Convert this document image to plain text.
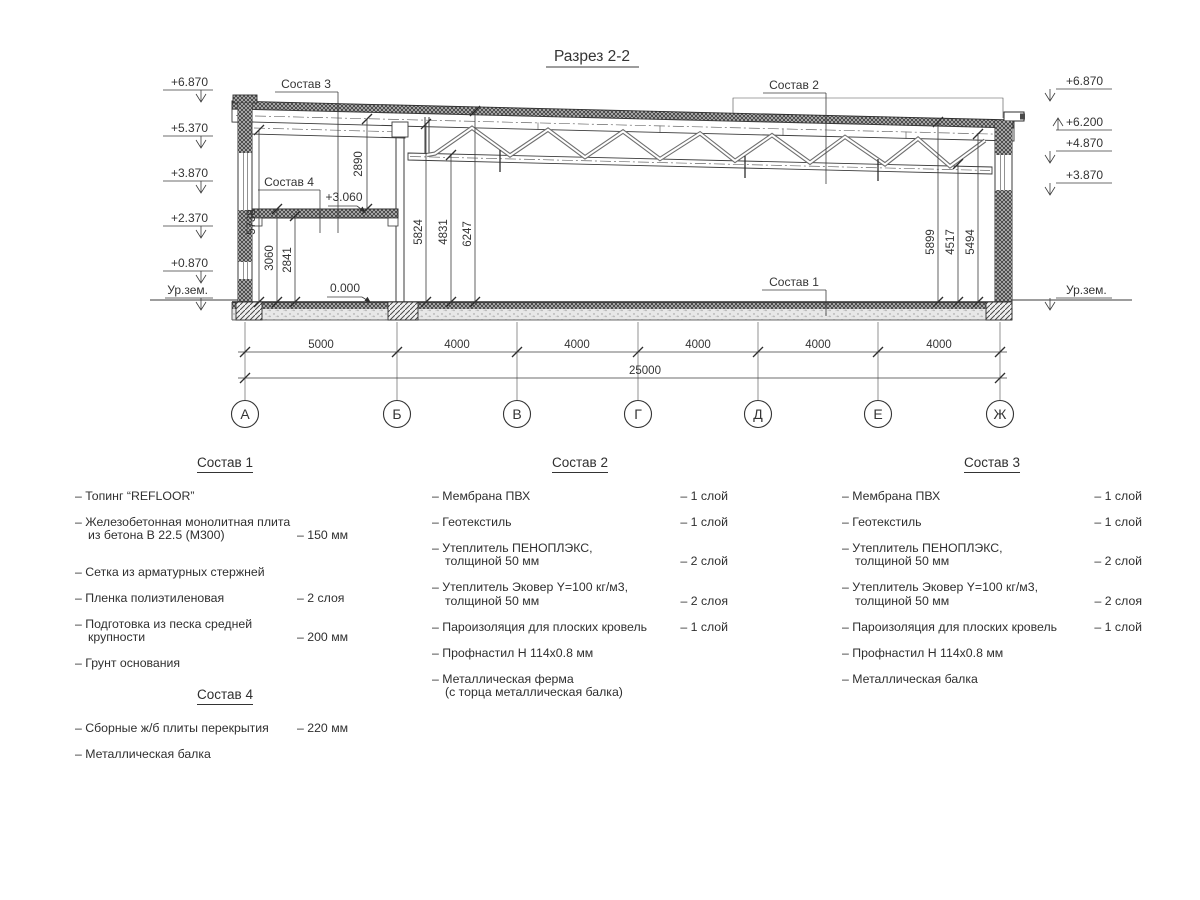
Разрез 2-2
2890
5738
3060 2841
5824 4831 6247	5899 4517 5494
Состав 3	Состав 2
Состав 1
Состав 4
+3.060
0.000
+6.870
+5.370
+3.870
+2.370
+0.870
Ур.зем.
+6.870
+6.200
+4.870
+3.870
Ур.зем.
5000	4000	4000	4000	4000	4000
25000
А	Б	В	Г	Д	Е	Ж
Состав 1
– Топинг “REFLOOR”
– Железобетонная монолитная плита
из бетона В 22.5 (М300)	– 150 мм
– Сетка из арматурных стержней
– Пленка полиэтиленовая	– 2 слоя
– Подготовка из песка средней
крупности	– 200 мм
– Грунт основания
Состав 2
– Мембрана ПВХ	– 1 слой
– Геотекстиль	– 1 слой
– Утеплитель ПЕНОПЛЭКС,
толщиной 50 мм	– 2 слой
– Утеплитель Эковер Y=100 кг/м3,
толщиной 50 мм	– 2 слоя
– Пароизоляция для плоских кровель	– 1 слой
– Профнастил Н 114х0.8 мм
– Металлическая ферма
(с торца металлическая балка)
Состав 3
– Мембрана ПВХ	– 1 слой
– Геотекстиль	– 1 слой
– Утеплитель ПЕНОПЛЭКС,
толщиной 50 мм	– 2 слой
– Утеплитель Эковер Y=100 кг/м3,
толщиной 50 мм	– 2 слоя
– Пароизоляция для плоских кровель	– 1 слой
– Профнастил Н 114х0.8 мм
– Металлическая балка
Состав 4
– Сборные ж/б плиты перекрытия – 220 мм
– Металлическая балка
